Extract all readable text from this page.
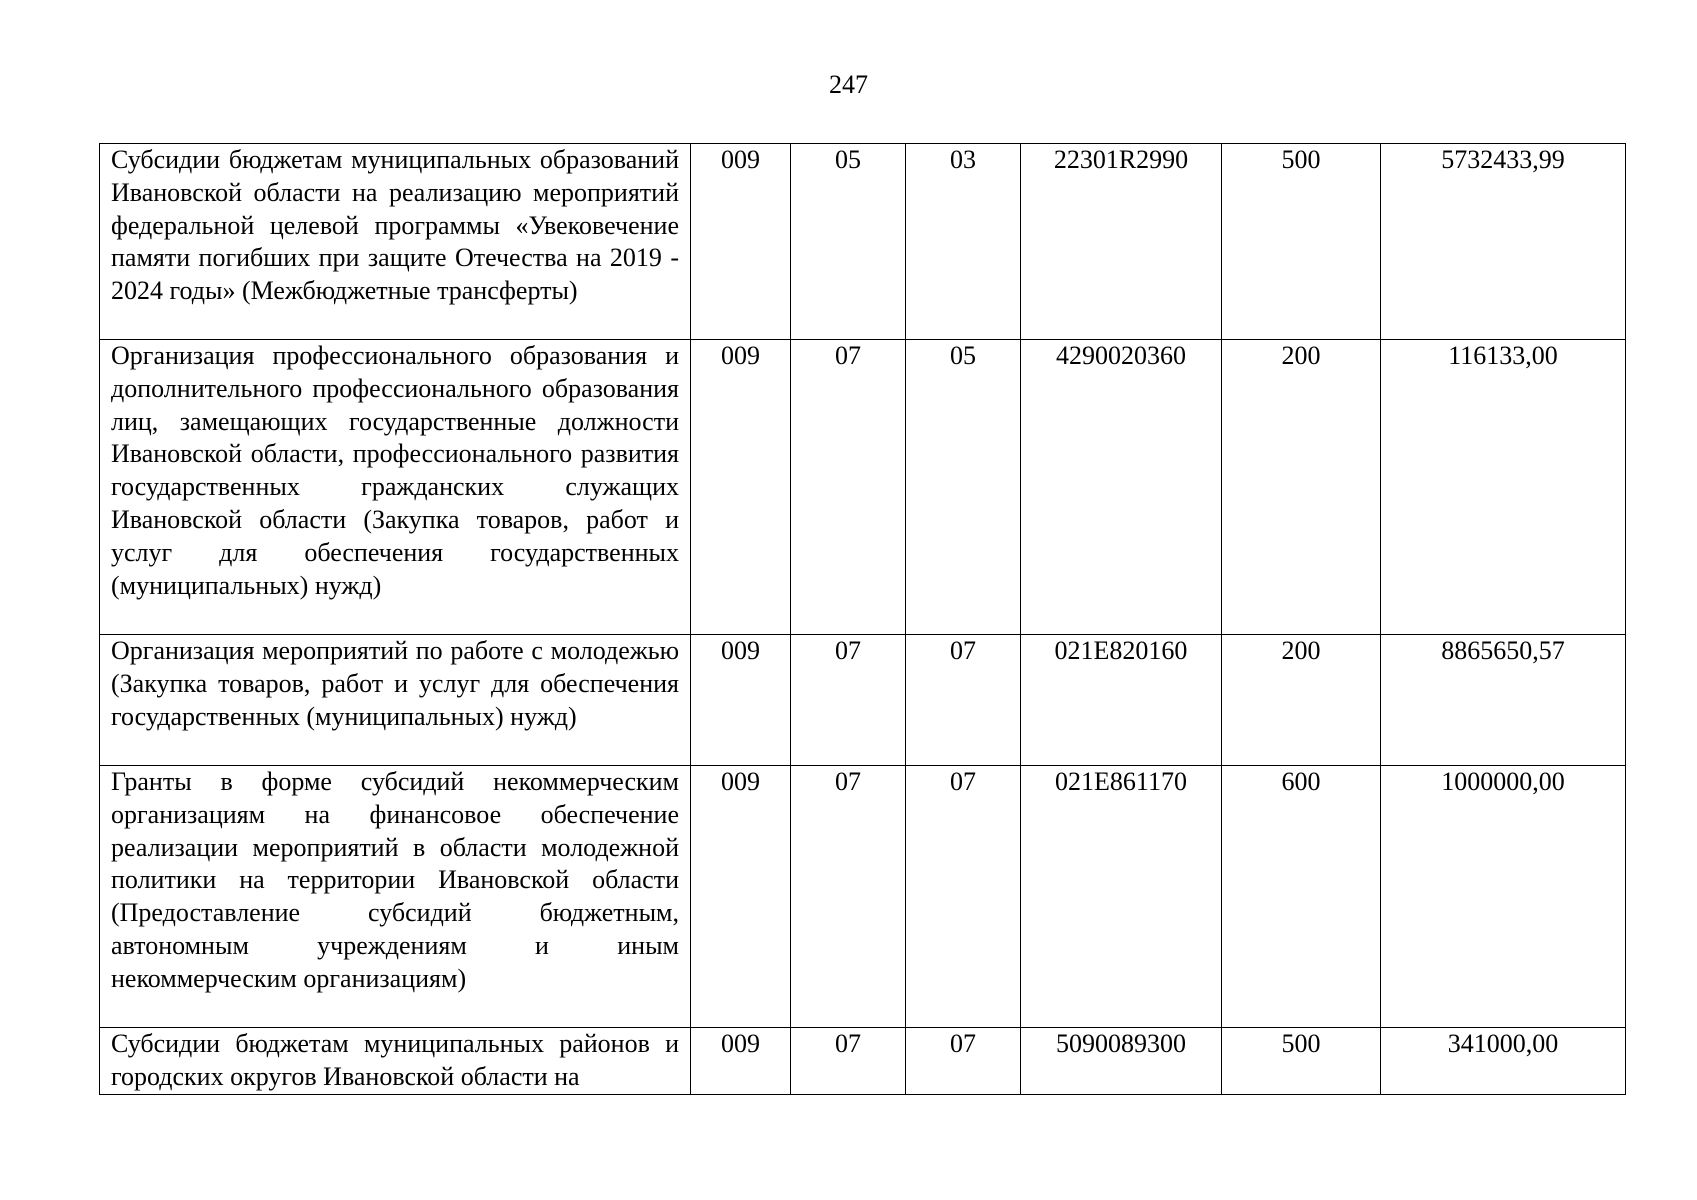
247
Субсидии бюджетам муниципальных образований Ивановской области на реализацию мероприятий федеральной целевой программы «Увековечение памяти погибших при защите Отечества на 2019 - 2024 годы» (Межбюджетные трансферты)	009	05	03	22301R2990	500	5732433,99
Организация профессионального образования и дополнительного профессионального образования лиц, замещающих государственные должности Ивановской области, профессионального развития государственных гражданских служащих Ивановской области (Закупка товаров, работ и услуг для обеспечения государственных (муниципальных) нужд)	009	07	05	4290020360	200	116133,00
Организация мероприятий по работе с молодежью (Закупка товаров, работ и услуг для обеспечения государственных (муниципальных) нужд)	009	07	07	021E820160	200	8865650,57
Гранты в форме субсидий некоммерческим организациям на финансовое обеспечение реализации мероприятий в области молодежной политики на территории Ивановской области (Предоставление субсидий бюджетным, автономным учреждениям и иным некоммерческим организациям)	009	07	07	021E861170	600	1000000,00
Субсидии бюджетам муниципальных районов и городских округов Ивановской области на	009	07	07	5090089300	500	341000,00
